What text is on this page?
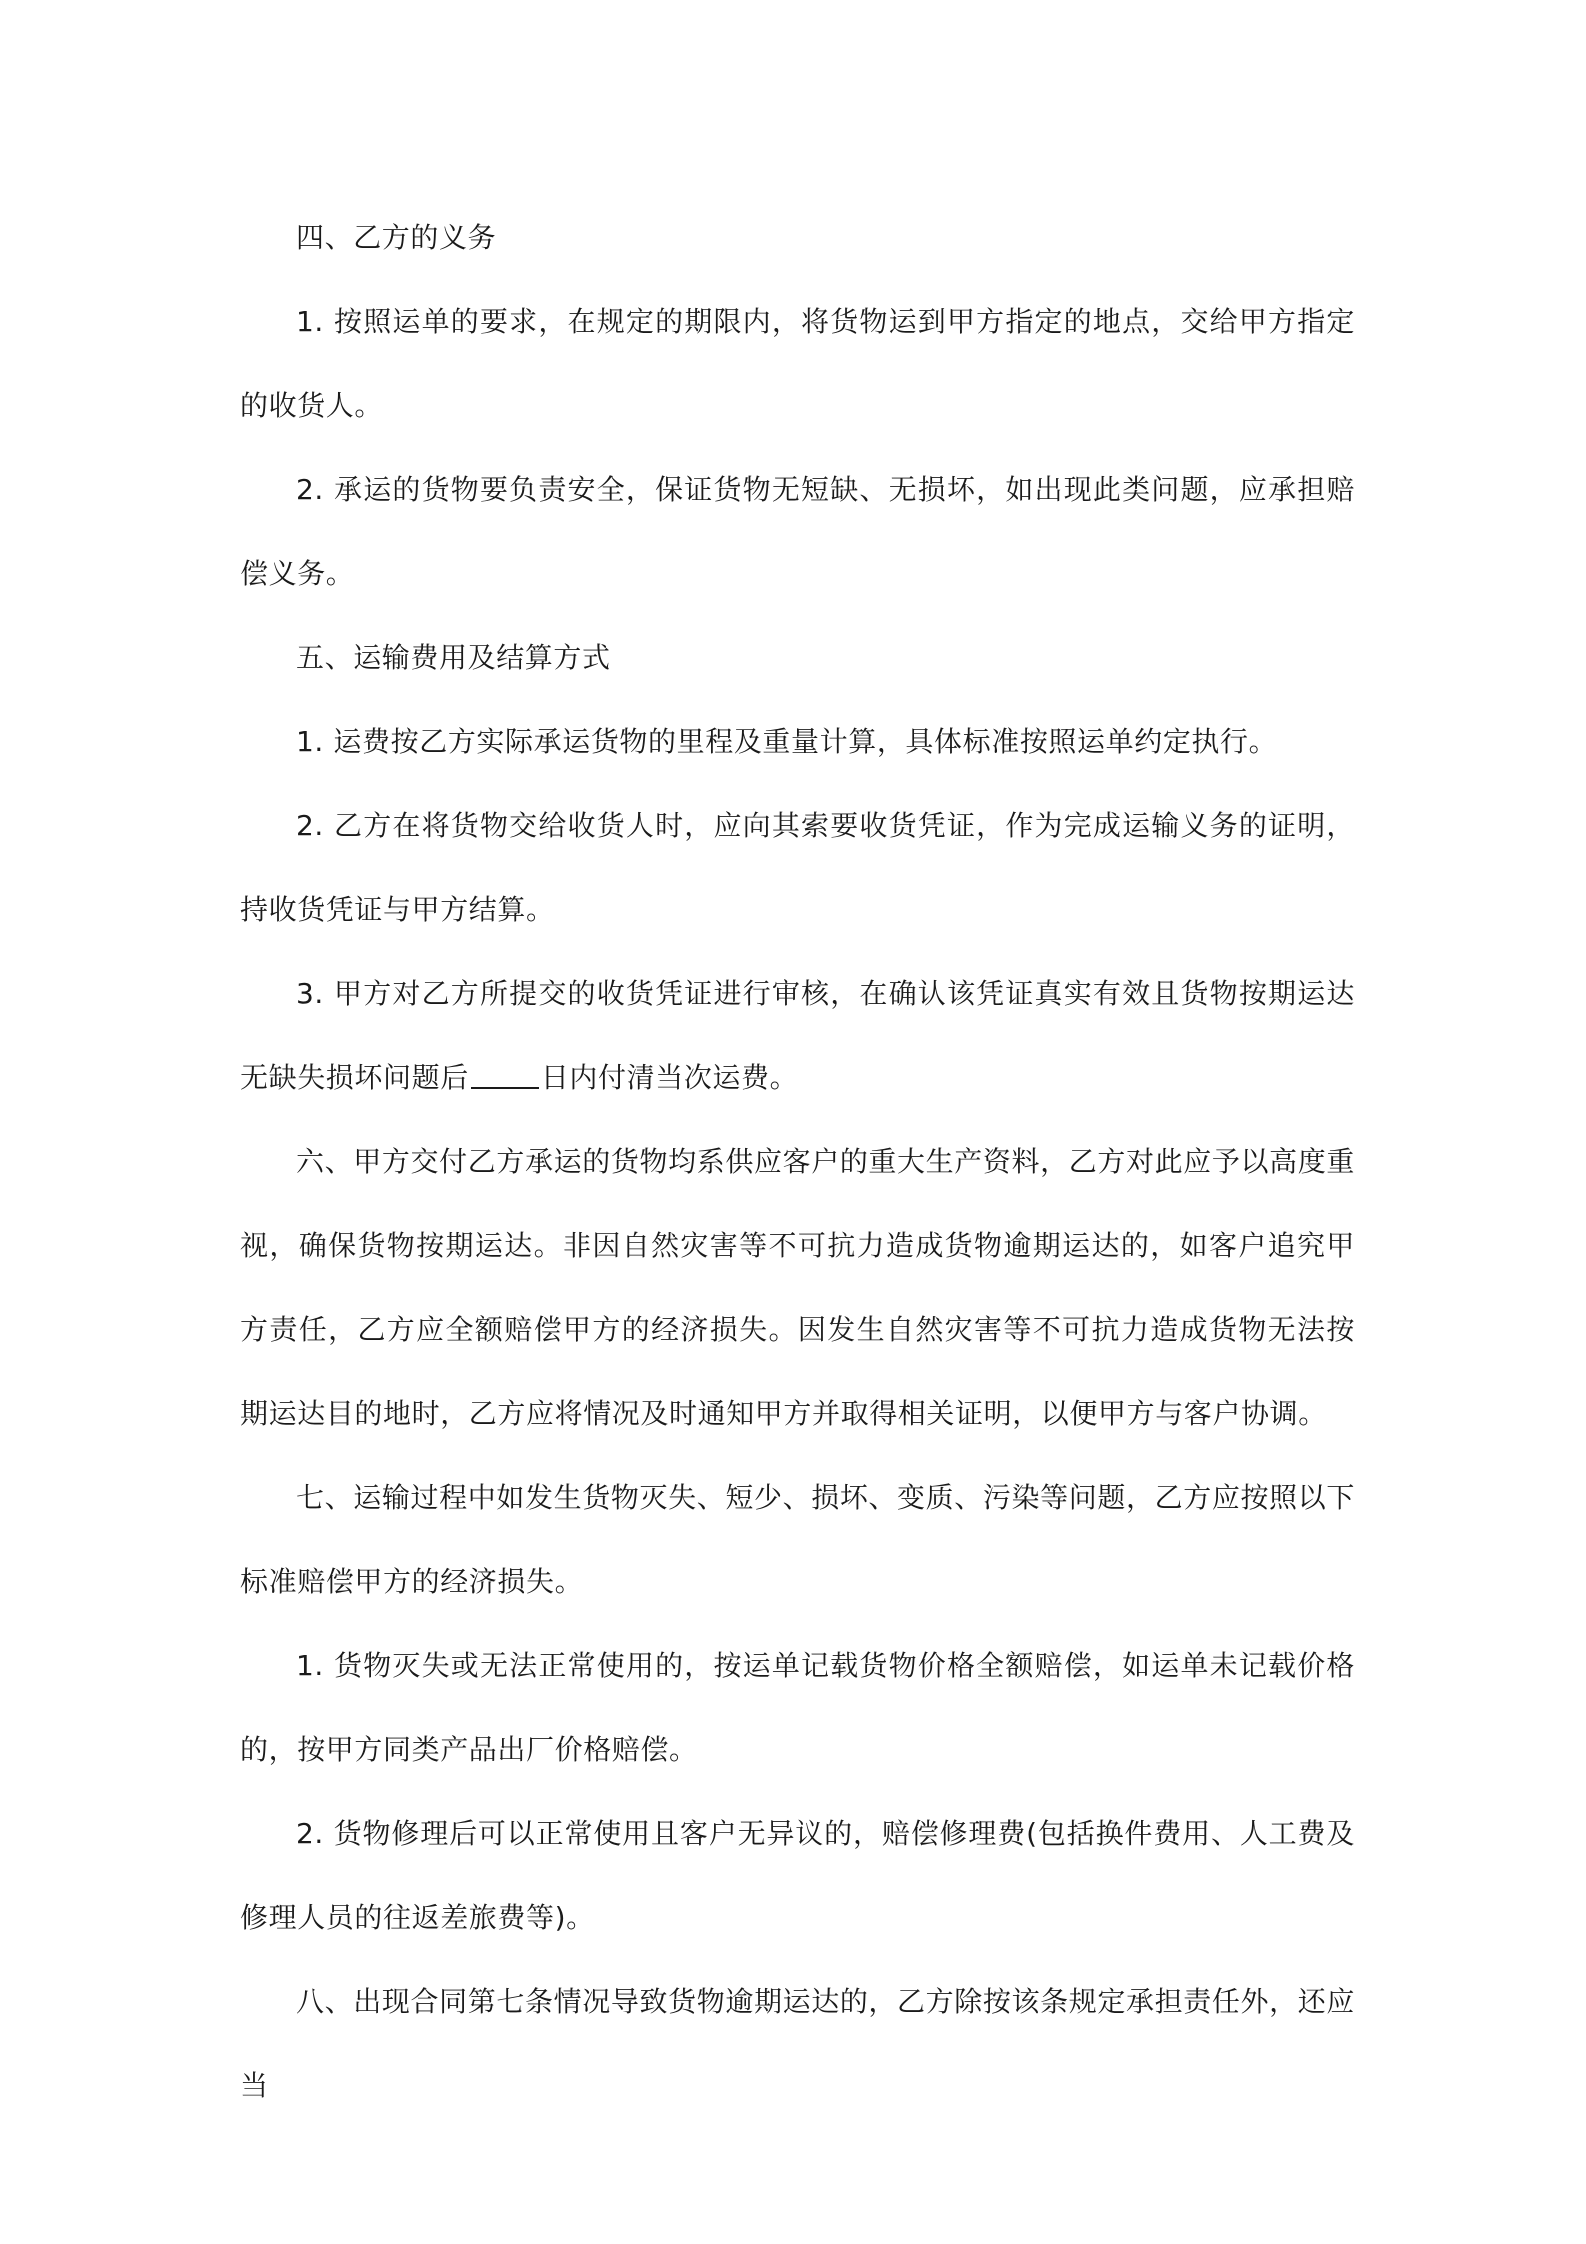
四、乙方的义务

1. 按照运单的要求，在规定的期限内，将货物运到甲方指定的地点，交给甲方指定的收货人。

2. 承运的货物要负责安全，保证货物无短缺、无损坏，如出现此类问题，应承担赔偿义务。

五、运输费用及结算方式

1. 运费按乙方实际承运货物的里程及重量计算，具体标准按照运单约定执行。

2. 乙方在将货物交给收货人时，应向其索要收货凭证，作为完成运输义务的证明，持收货凭证与甲方结算。

3. 甲方对乙方所提交的收货凭证进行审核，在确认该凭证真实有效且货物按期运达无缺失损坏问题后	日内付清当次运费。

六、甲方交付乙方承运的货物均系供应客户的重大生产资料，乙方对此应予以高度重视，确保货物按期运达。非因自然灾害等不可抗力造成货物逾期运达的，如客户追究甲方责任，乙方应全额赔偿甲方的经济损失。因发生自然灾害等不可抗力造成货物无法按期运达目的地时，乙方应将情况及时通知甲方并取得相关证明，以便甲方与客户协调。

七、运输过程中如发生货物灭失、短少、损坏、变质、污染等问题，乙方应按照以下标准赔偿甲方的经济损失。

1. 货物灭失或无法正常使用的，按运单记载货物价格全额赔偿，如运单未记载价格的，按甲方同类产品出厂价格赔偿。

2. 货物修理后可以正常使用且客户无异议的，赔偿修理费(包括换件费用、人工费及修理人员的往返差旅费等)。

八、出现合同第七条情况导致货物逾期运达的，乙方除按该条规定承担责任外，还应当
